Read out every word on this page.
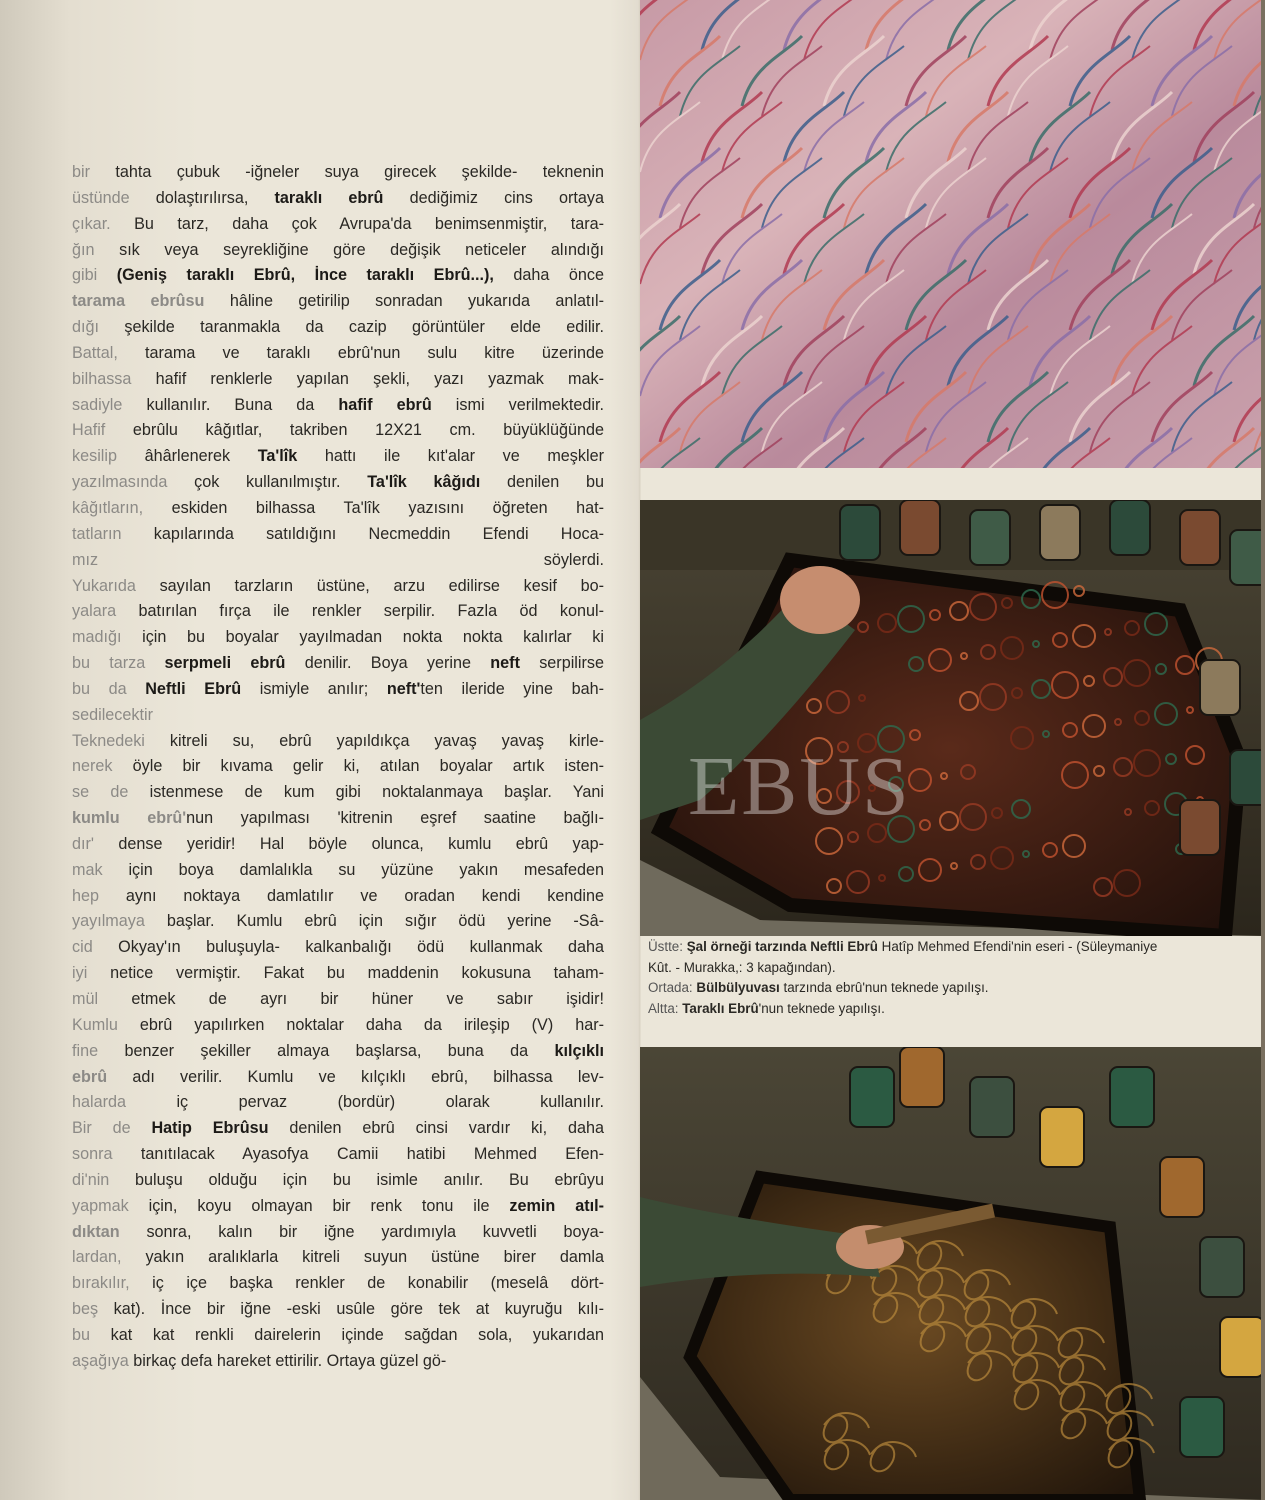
bir tahta çubuk -iğneler suya girecek şekilde- teknenin

üstünde dolaştırılırsa, taraklı ebrû dediğimiz cins ortaya

çıkar. Bu tarz, daha çok Avrupa'da benimsenmiştir, tara-

ğın sık veya seyrekliğine göre değişik neticeler alındığı

gibi (Geniş taraklı Ebrû, İnce taraklı Ebrû...), daha önce

tarama ebrûsu hâline getirilip sonradan yukarıda anlatıl-

dığı şekilde taranmakla da cazip görüntüler elde edilir.

Battal, tarama ve taraklı ebrû'nun sulu kitre üzerinde

bilhassa hafif renklerle yapılan şekli, yazı yazmak mak-

sadiyle kullanılır. Buna da hafif ebrû ismi verilmektedir.

Hafif ebrûlu kâğıtlar, takriben 12X21 cm. büyüklüğünde

kesilip âhârlenerek Ta'lîk hattı ile kıt'alar ve meşkler

yazılmasında çok kullanılmıştır. Ta'lîk kâğıdı denilen bu

kâğıtların, eskiden bilhassa Ta'lîk yazısını öğreten hat-

tatların kapılarında satıldığını Necmeddin Efendi Hoca-

mız söylerdi.

Yukarıda sayılan tarzların üstüne, arzu edilirse kesif bo-

yalara batırılan fırça ile renkler serpilir. Fazla öd konul-

madığı için bu boyalar yayılmadan nokta nokta kalırlar ki

bu tarza serpmeli ebrû denilir. Boya yerine neft serpilirse

bu da Neftli Ebrû ismiyle anılır; neft'ten ileride yine bah-

sedilecektir

Teknedeki kitreli su, ebrû yapıldıkça yavaş yavaş kirle-

nerek öyle bir kıvama gelir ki, atılan boyalar artık isten-

se de istenmese de kum gibi noktalanmaya başlar. Yani

kumlu ebrû'nun yapılması 'kitrenin eşref saatine bağlı-

dır' dense yeridir! Hal böyle olunca, kumlu ebrû yap-

mak için boya damlalıkla su yüzüne yakın mesafeden

hep aynı noktaya damlatılır ve oradan kendi kendine

yayılmaya başlar. Kumlu ebrû için sığır ödü yerine -Sâ-

cid Okyay'ın buluşuyla- kalkanbalığı ödü kullanmak daha

iyi netice vermiştir. Fakat bu maddenin kokusuna taham-

mül etmek de ayrı bir hüner ve sabır işidir!

Kumlu ebrû yapılırken noktalar daha da irileşip (V) har-

fine benzer şekiller almaya başlarsa, buna da kılçıklı

ebrû adı verilir. Kumlu ve kılçıklı ebrû, bilhassa lev-

halarda iç pervaz (bordür) olarak kullanılır.

Bir de Hatip Ebrûsu denilen ebrû cinsi vardır ki, daha

sonra tanıtılacak Ayasofya Camii hatibi Mehmed Efen-

di'nin buluşu olduğu için bu isimle anılır. Bu ebrûyu

yapmak için, koyu olmayan bir renk tonu ile zemin atıl-

dıktan sonra, kalın bir iğne yardımıyla kuvvetli boya-

lardan, yakın aralıklarla kitreli suyun üstüne birer damla

bırakılır, iç içe başka renkler de konabilir (meselâ dört-

beş kat). İnce bir iğne -eski usûle göre tek at kuyruğu kılı-

bu kat kat renkli dairelerin içinde sağdan sola, yukarıdan

aşağıya birkaç defa hareket ettirilir. Ortaya güzel gö-

Üstte: Şal örneği tarzında Neftli Ebrû Hatîp Mehmed Efendi'nin eseri - (Süleymaniye Kût. - Murakka,: 3 kapağından).
Ortada: Bülbülyuvası tarzında ebrû'nun teknede yapılışı.
Altta: Taraklı Ebrû'nun teknede yapılışı.
EBUS
